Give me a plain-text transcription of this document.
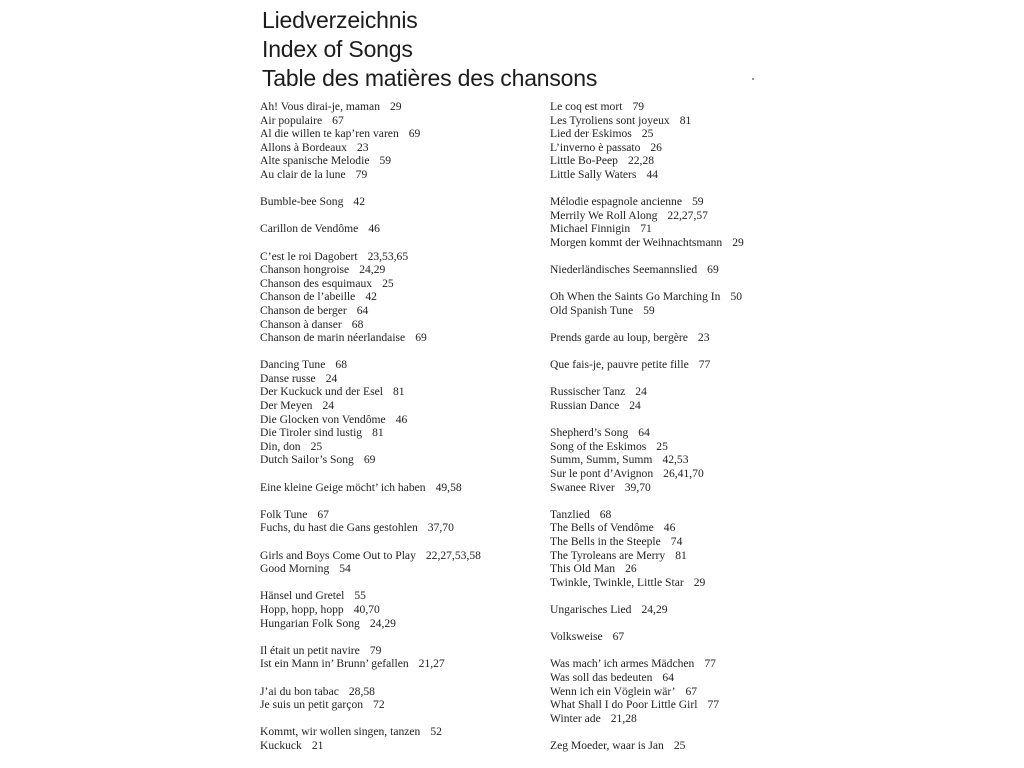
Liedverzeichnis
Index of Songs
Table des matières des chansons
Ah! Vous dirai-je, maman 29
Air populaire 67
Al die willen te kap’ren varen 69
Allons à Bordeaux 23
Alte spanische Melodie 59
Au clair de la lune 79
Bumble-bee Song 42
Carillon de Vendôme 46
C’est le roi Dagobert 23,53,65
Chanson hongroise 24,29
Chanson des esquimaux 25
Chanson de l’abeille 42
Chanson de berger 64
Chanson à danser 68
Chanson de marin néerlandaise 69
Dancing Tune 68
Danse russe 24
Der Kuckuck und der Esel 81
Der Meyen 24
Die Glocken von Vendôme 46
Die Tiroler sind lustig 81
Din, don 25
Dutch Sailor’s Song 69
Eine kleine Geige möcht’ ich haben 49,58
Folk Tune 67
Fuchs, du hast die Gans gestohlen 37,70
Girls and Boys Come Out to Play 22,27,53,58
Good Morning 54
Hänsel und Gretel 55
Hopp, hopp, hopp 40,70
Hungarian Folk Song 24,29
Il était un petit navire 79
Ist ein Mann in’ Brunn’ gefallen 21,27
J’ai du bon tabac 28,58
Je suis un petit garçon 72
Kommt, wir wollen singen, tanzen 52
Kuckuck 21
Le coq est mort 79
Les Tyroliens sont joyeux 81
Lied der Eskimos 25
L’inverno è passato 26
Little Bo-Peep 22,28
Little Sally Waters 44
Mélodie espagnole ancienne 59
Merrily We Roll Along 22,27,57
Michael Finnigin 71
Morgen kommt der Weihnachtsmann 29
Niederländisches Seemannslied 69
Oh When the Saints Go Marching In 50
Old Spanish Tune 59
Prends garde au loup, bergère 23
Que fais-je, pauvre petite fille 77
Russischer Tanz 24
Russian Dance 24
Shepherd’s Song 64
Song of the Eskimos 25
Summ, Summ, Summ 42,53
Sur le pont d’Avignon 26,41,70
Swanee River 39,70
Tanzlied 68
The Bells of Vendôme 46
The Bells in the Steeple 74
The Tyroleans are Merry 81
This Old Man 26
Twinkle, Twinkle, Little Star 29
Ungarisches Lied 24,29
Volksweise 67
Was mach’ ich armes Mädchen 77
Was soll das bedeuten 64
Wenn ich ein Vöglein wär’ 67
What Shall I do Poor Little Girl 77
Winter ade 21,28
Zeg Moeder, waar is Jan 25
